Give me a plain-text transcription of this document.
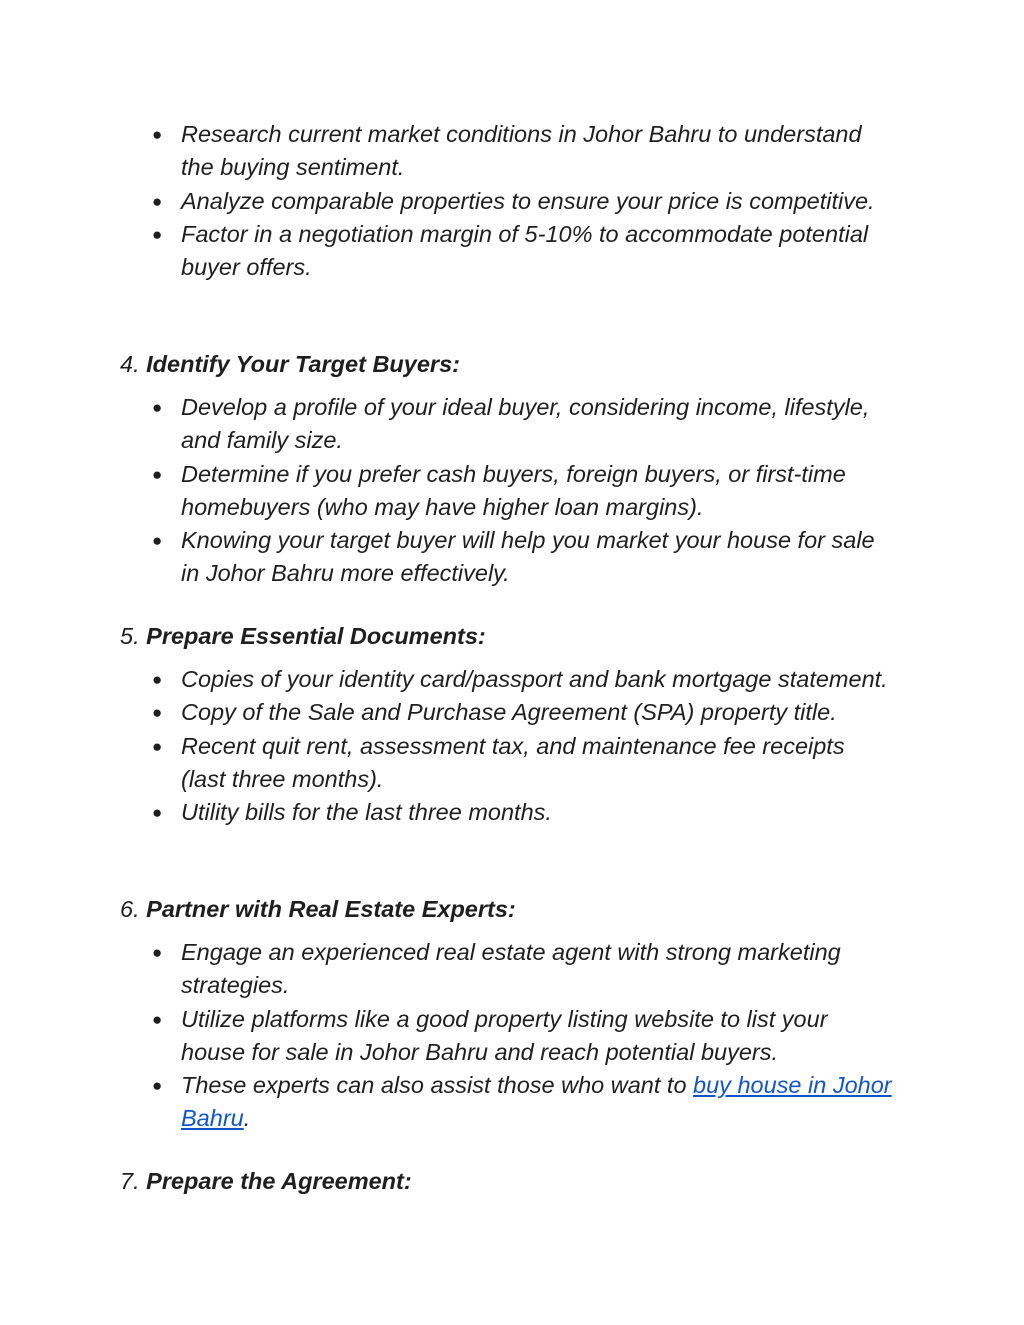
● Research current market conditions in Johor Bahru to understand the buying sentiment.
● Analyze comparable properties to ensure your price is competitive.
● Factor in a negotiation margin of 5-10% to accommodate potential buyer offers.
4. Identify Your Target Buyers:
● Develop a profile of your ideal buyer, considering income, lifestyle, and family size.
● Determine if you prefer cash buyers, foreign buyers, or first-time homebuyers (who may have higher loan margins).
● Knowing your target buyer will help you market your house for sale in Johor Bahru more effectively.
5. Prepare Essential Documents:
● Copies of your identity card/passport and bank mortgage statement.
● Copy of the Sale and Purchase Agreement (SPA) property title.
● Recent quit rent, assessment tax, and maintenance fee receipts (last three months).
● Utility bills for the last three months.
6. Partner with Real Estate Experts:
● Engage an experienced real estate agent with strong marketing strategies.
● Utilize platforms like a good property listing website to list your house for sale in Johor Bahru and reach potential buyers.
● These experts can also assist those who want to buy house in Johor Bahru.
7. Prepare the Agreement:
